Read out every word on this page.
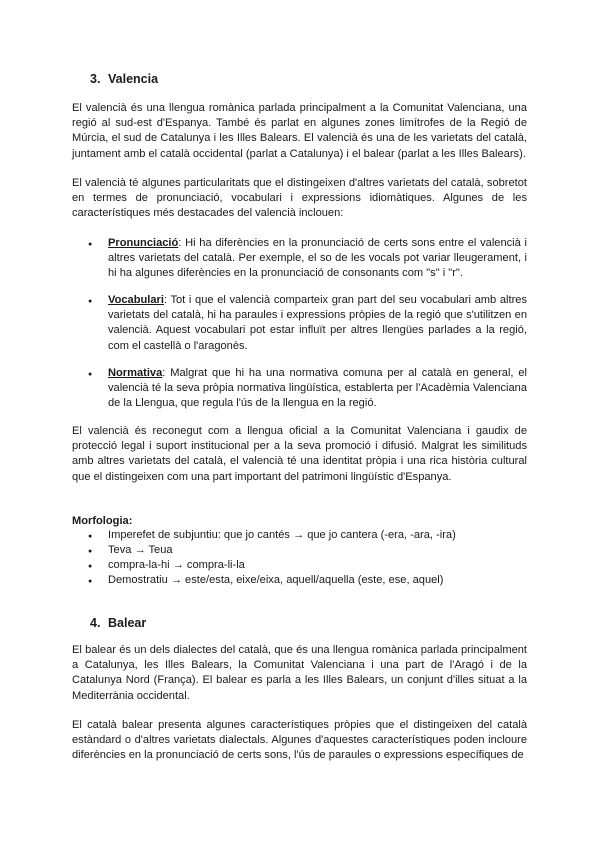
3. Valencia

El valencià és una llengua romànica parlada principalment a la Comunitat Valenciana, una regió al sud-est d'Espanya. També és parlat en algunes zones limítrofes de la Regió de Múrcia, el sud de Catalunya i les Illes Balears. El valencià és una de les varietats del català, juntament amb el català occidental (parlat a Catalunya) i el balear (parlat a les Illes Balears).

El valencià té algunes particularitats que el distingeixen d'altres varietats del català, sobretot en termes de pronunciació, vocabulari i expressions idiomàtiques. Algunes de les característiques més destacades del valencià inclouen:

● Pronunciació: Hi ha diferències en la pronunciació de certs sons entre el valencià i altres varietats del català. Per exemple, el so de les vocals pot variar lleugerament, i hi ha algunes diferències en la pronunciació de consonants com "s" i "r".

● Vocabulari: Tot i que el valencià comparteix gran part del seu vocabulari amb altres varietats del català, hi ha paraules i expressions pròpies de la regió que s'utilitzen en valencià. Aquest vocabulari pot estar influït per altres llengües parlades a la regió, com el castellà o l'aragonès.

● Normativa: Malgrat que hi ha una normativa comuna per al català en general, el valencià té la seva pròpia normativa lingüística, establerta per l'Acadèmia Valenciana de la Llengua, que regula l'ús de la llengua en la regió.

El valencià és reconegut com a llengua oficial a la Comunitat Valenciana i gaudix de protecció legal i suport institucional per a la seva promoció i difusió. Malgrat les similituds amb altres varietats del català, el valencià té una identitat pròpia i una rica història cultural que el distingeixen com una part important del patrimoni lingüístic d'Espanya.

Morfologia:

● Imperefet de subjuntiu: que jo cantés → que jo cantera (-era, -ara, -ira)

● Teva → Teua

● compra-la-hi → compra-li-la

● Demostratiu → este/esta, eixe/eixa, aquell/aquella (este, ese, aquel)

4. Balear

El balear és un dels dialectes del català, que és una llengua romànica parlada principalment a Catalunya, les Illes Balears, la Comunitat Valenciana i una part de l'Aragó i de la Catalunya Nord (França). El balear es parla a les Illes Balears, un conjunt d'illes situat a la Mediterrània occidental.

El català balear presenta algunes característiques pròpies que el distingeixen del català estàndard o d'altres varietats dialectals. Algunes d'aquestes característiques poden incloure diferències en la pronunciació de certs sons, l'ús de paraules o expressions específiques de
